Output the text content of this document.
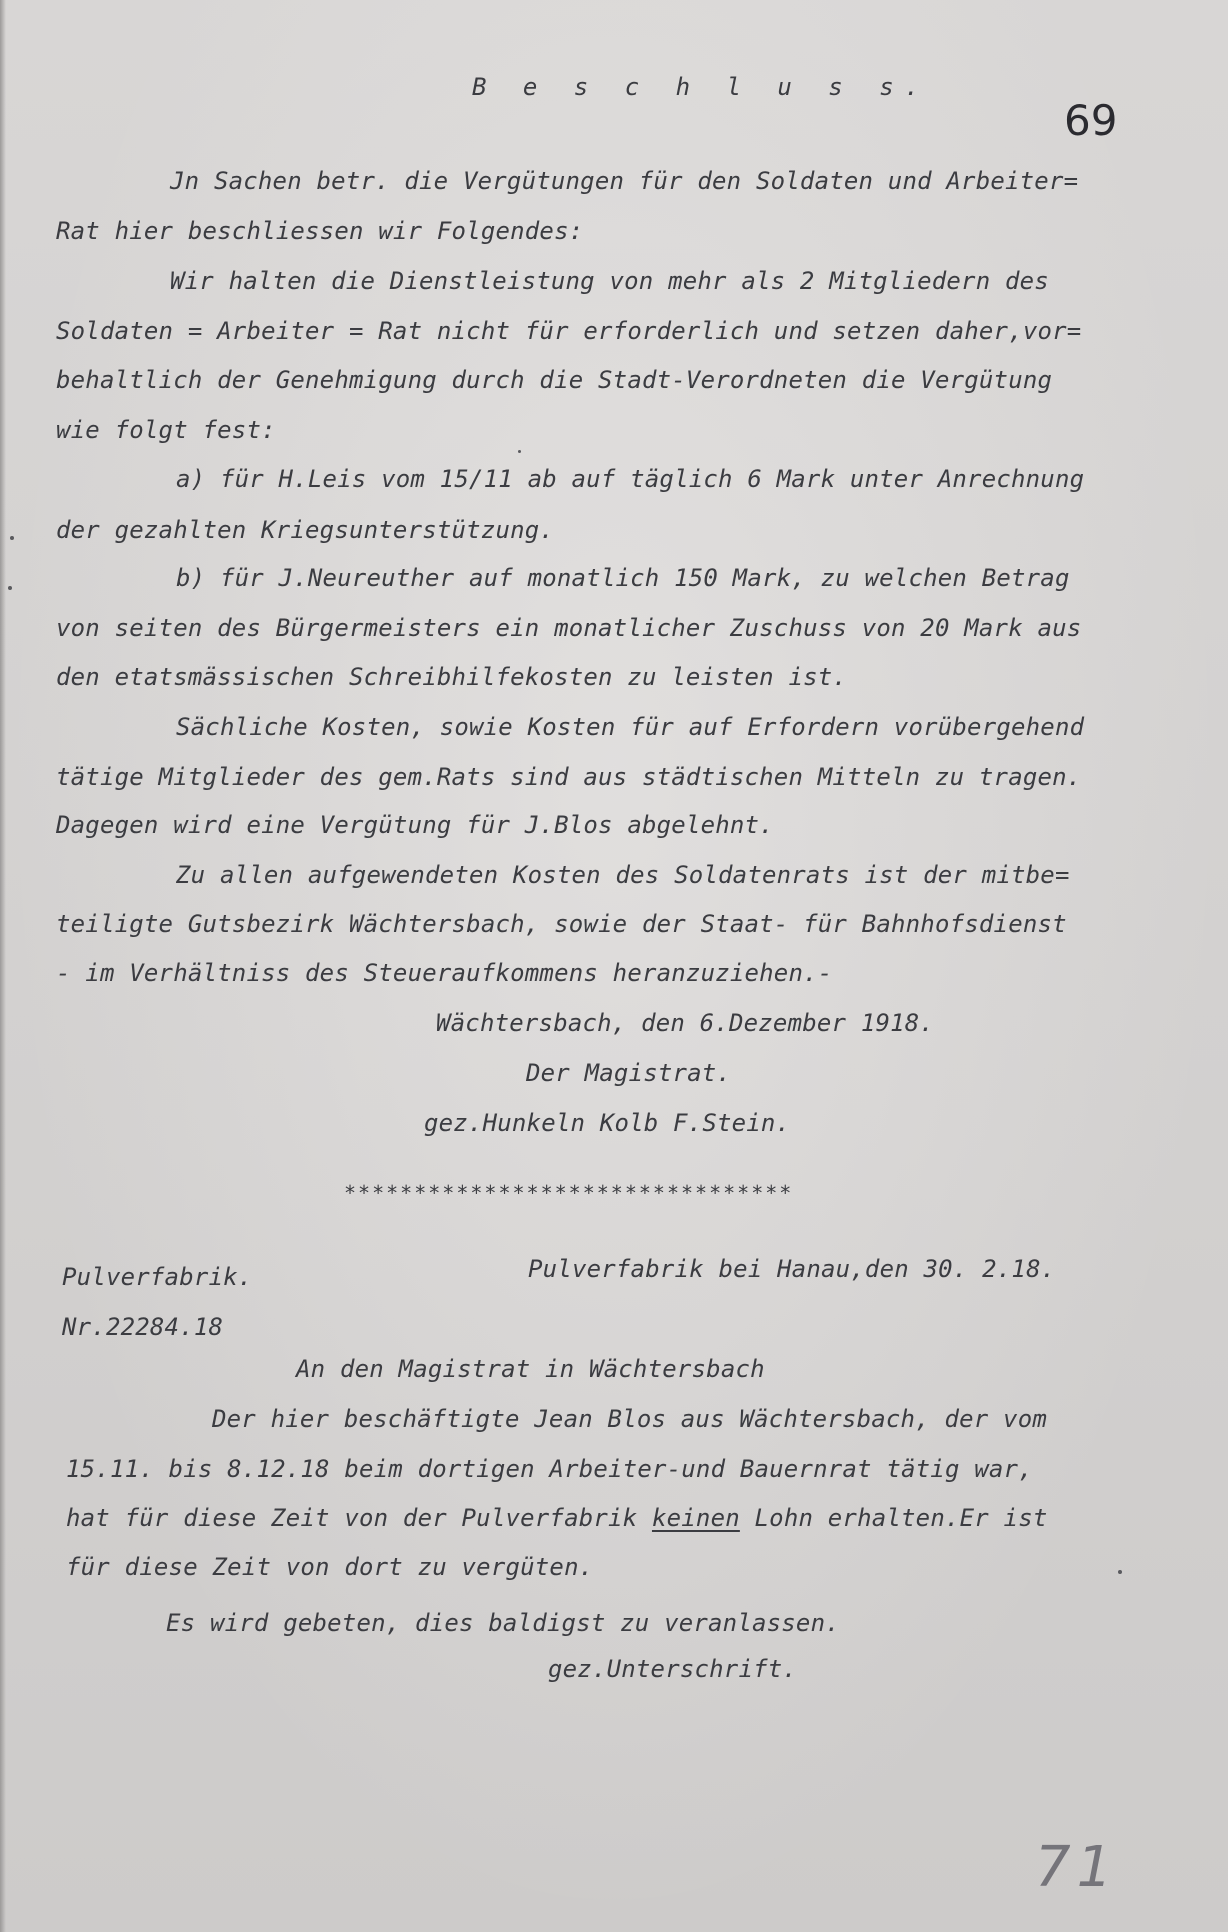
69
B e s c h l u s s.
Jn Sachen betr. die Vergütungen für den Soldaten und Arbeiter=
Rat hier beschliessen wir Folgendes:
Wir halten die Dienstleistung von mehr als 2 Mitgliedern des
Soldaten = Arbeiter = Rat nicht für erforderlich und setzen daher,vor=
behaltlich der Genehmigung durch die Stadt-Verordneten die Vergütung
wie folgt fest:
a) für H.Leis vom 15/11 ab auf täglich 6 Mark unter Anrechnung
der gezahlten Kriegsunterstützung.
b) für J.Neureuther auf monatlich 150 Mark, zu welchen Betrag
von seiten des Bürgermeisters ein monatlicher Zuschuss von 20 Mark aus
den etatsmässischen Schreibhilfekosten zu leisten ist.
Sächliche Kosten, sowie Kosten für auf Erfordern vorübergehend
tätige Mitglieder des gem.Rats sind aus städtischen Mitteln zu tragen.
Dagegen wird eine Vergütung für J.Blos abgelehnt.
Zu allen aufgewendeten Kosten des Soldatenrats ist der mitbe=
teiligte Gutsbezirk Wächtersbach, sowie der Staat- für Bahnhofsdienst
- im Verhältniss des Steueraufkommens heranzuziehen.-
Wächtersbach, den 6.Dezember 1918.
Der Magistrat.
gez.Hunkeln Kolb F.Stein.
********************************
Pulverfabrik.	Pulverfabrik bei Hanau,den 30. 2.18.
Nr.22284.18
An den Magistrat in Wächtersbach
Der hier beschäftigte Jean Blos aus Wächtersbach, der vom
15.11. bis 8.12.18 beim dortigen Arbeiter-und Bauernrat tätig war,
hat für diese Zeit von der Pulverfabrik keinen Lohn erhalten.Er ist
für diese Zeit von dort zu vergüten.
Es wird gebeten, dies baldigst zu veranlassen.
gez.Unterschrift.
71
